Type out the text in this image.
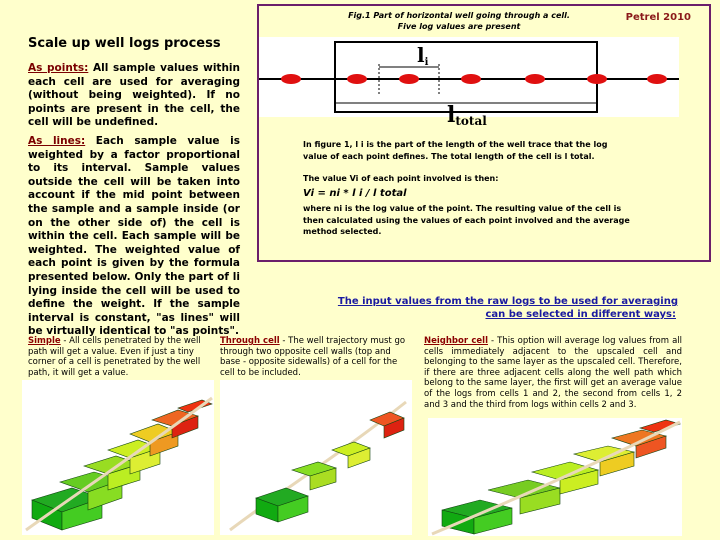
Scale up well logs process
As points: All sample values within each cell are used for averaging (without being weighted). If no points are present in the cell, the cell will be undefined.
As lines: Each sample value is weighted by a factor proportional to its interval. Sample values outside the cell will be taken into account if the mid point between the sample and a sample inside (or on the other side of) the cell is within the cell. Each sample will be weighted. The weighted value of each point is given by the formula presented below. Only the part of li lying inside the cell will be used to define the weight. If the sample interval is constant, "as lines" will be virtually identical to "as points".
Fig.1 Part of horizontal well going through a cell.
Five log values are present
Petrel 2010
li
ltotal
In figure 1, l i is the part of the length of the well trace that the log value of each point defines. The total length of the cell is l total.
The value Vi of each point involved is then:
Vi = ni * l i / l total
where ni is the log value of the point. The resulting value of the cell is then calculated using the values of each point involved and the average method selected.
The input values from the raw logs to be used for averaging
can be selected in different ways:
Simple - All cells penetrated by the well path will get a value. Even if just a tiny corner of a cell is penetrated by the well path, it will get a value.
Through cell - The well trajectory must go through two opposite cell walls (top and base - opposite sidewalls) of a cell for the cell to be included.
Neighbor cell - This option will average log values from all cells immediately adjacent to the upscaled cell and belonging to the same layer as the upscaled cell. Therefore, if there are three adjacent cells along the well path which belong to the same layer, the first will get an average value of the logs from cells 1 and 2, the second from cells 1, 2 and 3 and the third from logs within cells 2 and 3.
